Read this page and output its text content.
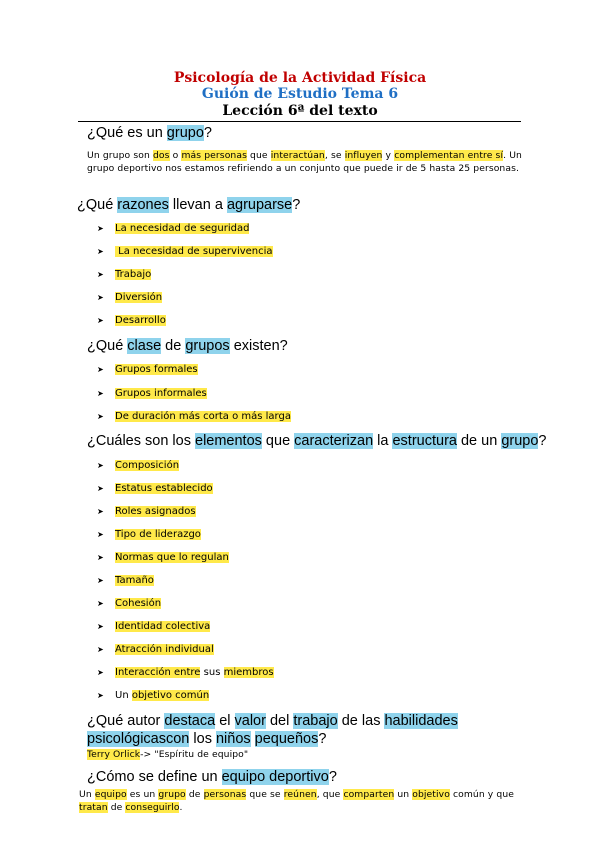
Psicología de la Actividad Física
Guión de Estudio Tema 6
Lección 6ª del texto
¿Qué es un grupo?
Un grupo son dos o más personas que interactúan, se influyen y complementan entre sí. Un grupo deportivo nos estamos refiriendo a un conjunto que puede ir de 5 hasta 25 personas.
¿Qué razones llevan a agruparse?
➤ La necesidad de seguridad
➤ La necesidad de supervivencia
➤ Trabajo
➤ Diversión
➤ Desarrollo
¿Qué clase de grupos existen?
➤ Grupos formales
➤ Grupos informales
➤ De duración más corta o más larga
¿Cuáles son los elementos que caracterizan la estructura de un grupo?
➤ Composición
➤ Estatus establecido
➤ Roles asignados
➤ Tipo de liderazgo
➤ Normas que lo regulan
➤ Tamaño
➤ Cohesión
➤ Identidad colectiva
➤ Atracción individual
➤ Interacción entre sus miembros
➤ Un objetivo común
¿Qué autor destaca el valor del trabajo de las habilidades
psicológicascon los niños pequeños?
Terry Orlick-> "Espíritu de equipo"
¿Cómo se define un equipo deportivo?
Un equipo es un grupo de personas que se reúnen, que comparten un objetivo común y que tratan de conseguirlo.
